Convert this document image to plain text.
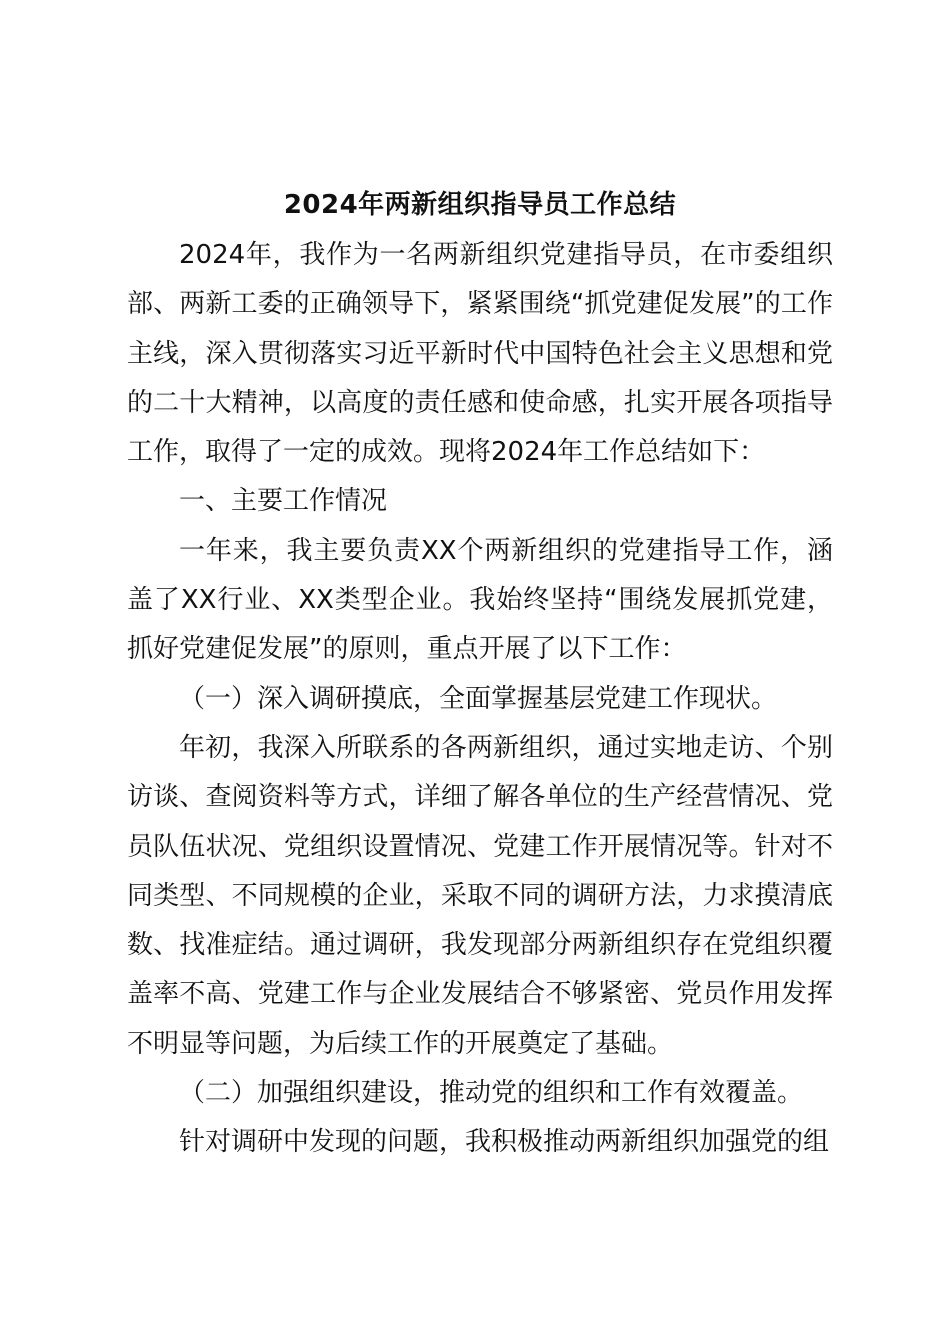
2024年两新组织指导员工作总结

2024年，我作为一名两新组织党建指导员，在市委组织部、两新工委的正确领导下，紧紧围绕“抓党建促发展”的工作主线，深入贯彻落实习近平新时代中国特色社会主义思想和党的二十大精神，以高度的责任感和使命感，扎实开展各项指导工作，取得了一定的成效。现将2024年工作总结如下：

一、主要工作情况

一年来，我主要负责XX个两新组织的党建指导工作，涵盖了XX行业、XX类型企业。我始终坚持“围绕发展抓党建，抓好党建促发展”的原则，重点开展了以下工作：

（一）深入调研摸底，全面掌握基层党建工作现状。

年初，我深入所联系的各两新组织，通过实地走访、个别访谈、查阅资料等方式，详细了解各单位的生产经营情况、党员队伍状况、党组织设置情况、党建工作开展情况等。针对不同类型、不同规模的企业，采取不同的调研方法，力求摸清底数、找准症结。通过调研，我发现部分两新组织存在党组织覆盖率不高、党建工作与企业发展结合不够紧密、党员作用发挥不明显等问题，为后续工作的开展奠定了基础。

（二）加强组织建设，推动党的组织和工作有效覆盖。

针对调研中发现的问题，我积极推动两新组织加强党的组
